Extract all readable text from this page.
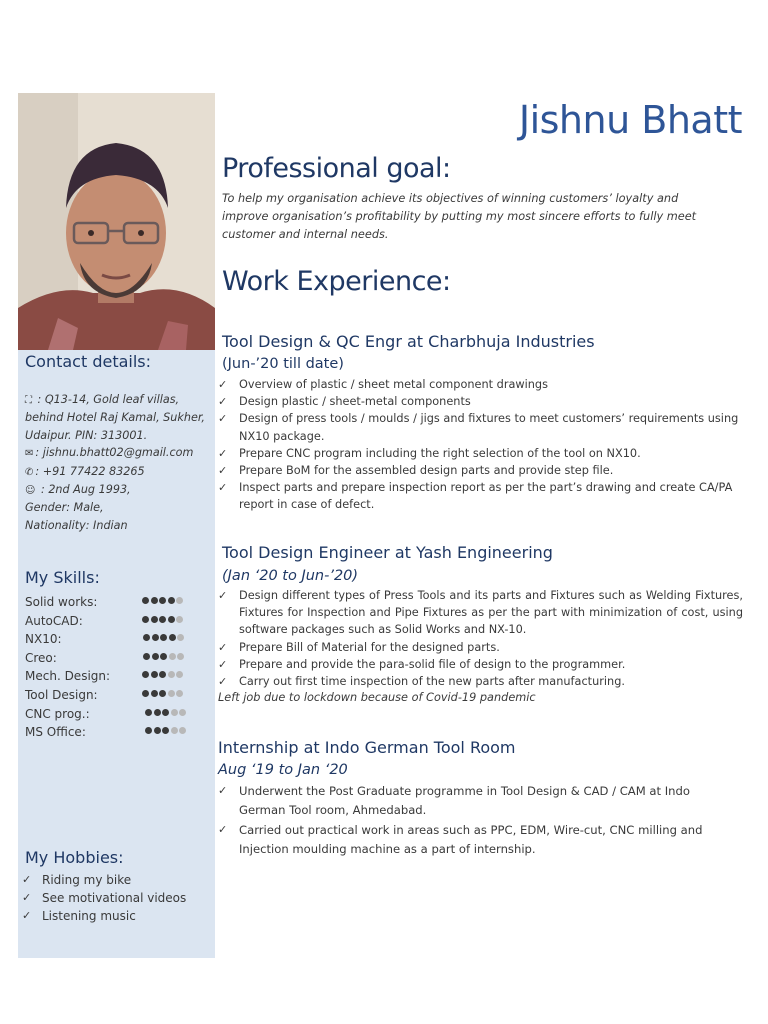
Contact details:
⛶ : Q13-14, Gold leaf villas, behind Hotel Raj Kamal, Sukher, Udaipur. PIN: 313001.
✉ : jishnu.bhatt02@gmail.com
✆ : +91 77422 83265
☺ : 2nd Aug 1993,
Gender: Male,
Nationality: Indian
My Skills:
Solid works:
AutoCAD:
NX10:
Creo:
Mech. Design:
Tool Design:
CNC prog.:
MS Office:
My Hobbies:
✓ Riding my bike
✓ See motivational videos
✓ Listening music
Jishnu Bhatt
Professional goal:
To help my organisation achieve its objectives of winning customers’ loyalty and improve organisation’s profitability by putting my most sincere efforts to fully meet customer and internal needs.
Work Experience:
Tool Design & QC Engr at Charbhuja Industries
(Jun-’20 till date)
✓ Overview of plastic / sheet metal component drawings
✓ Design plastic / sheet-metal components
✓ Design of press tools / moulds / jigs and fixtures to meet customers’ requirements using NX10 package.
✓ Prepare CNC program including the right selection of the tool on NX10.
✓ Prepare BoM for the assembled design parts and provide step file.
✓ Inspect parts and prepare inspection report as per the part’s drawing and create CA/PA report in case of defect.
Tool Design Engineer at Yash Engineering
(Jan ‘20 to Jun-’20)
✓ Design different types of Press Tools and its parts and Fixtures such as Welding Fixtures, Fixtures for Inspection and Pipe Fixtures as per the part with minimization of cost, using software packages such as Solid Works and NX-10.
✓ Prepare Bill of Material for the designed parts.
✓ Prepare and provide the para-solid file of design to the programmer.
✓ Carry out first time inspection of the new parts after manufacturing.
Left job due to lockdown because of Covid-19 pandemic
Internship at Indo German Tool Room
Aug ‘19 to Jan ‘20
✓ Underwent the Post Graduate programme in Tool Design & CAD / CAM at Indo German Tool room, Ahmedabad.
✓ Carried out practical work in areas such as PPC, EDM, Wire-cut, CNC milling and Injection moulding machine as a part of internship.
